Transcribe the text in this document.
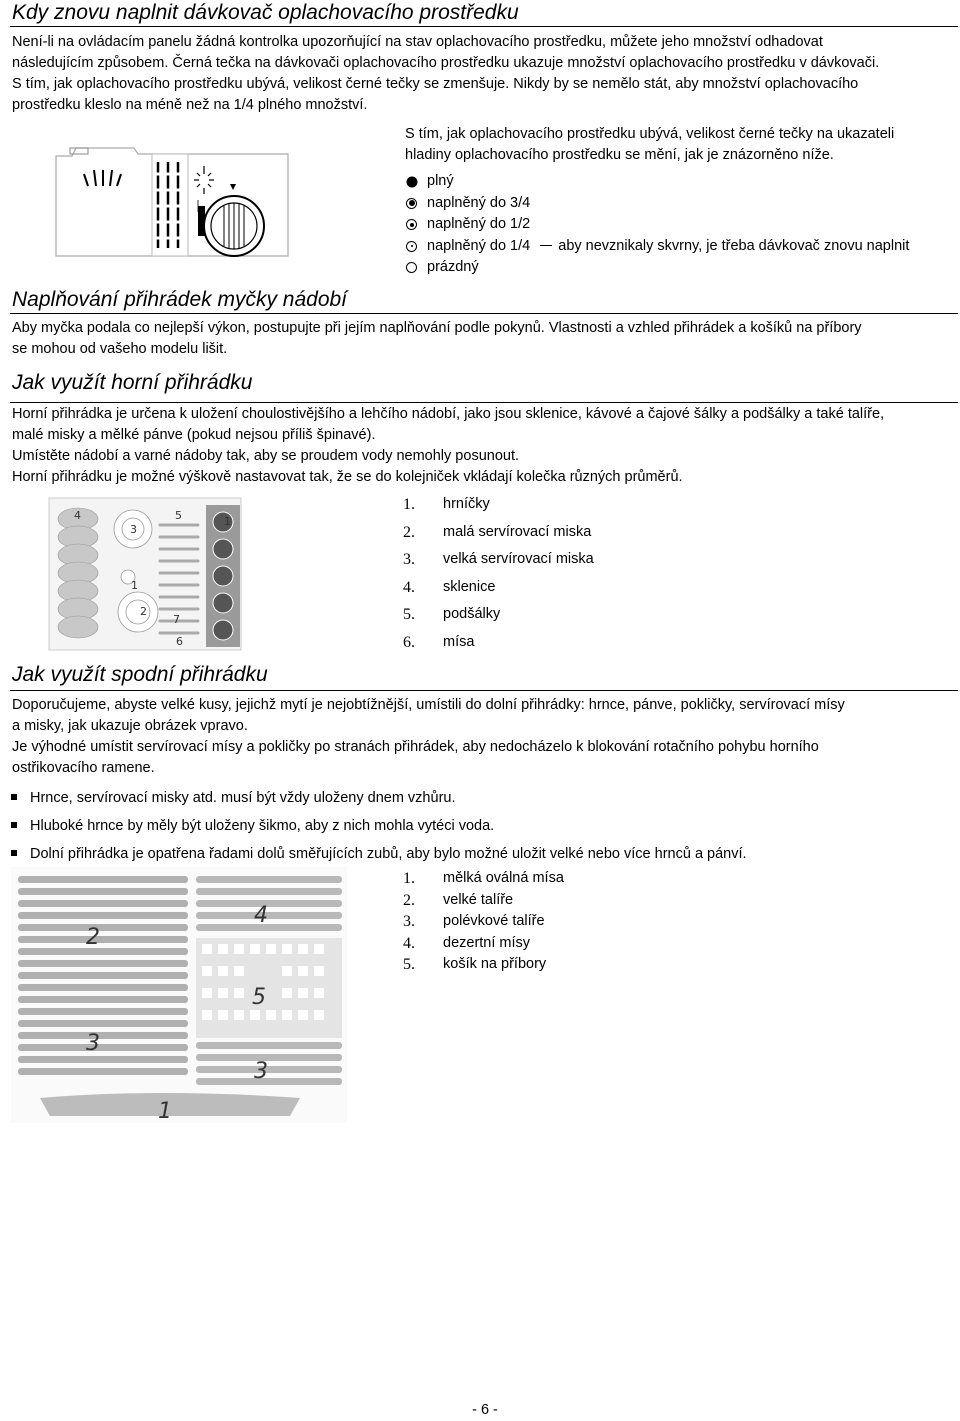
Kdy znovu naplnit dávkovač oplachovacího prostředku

Není-li na ovládacím panelu žádná kontrolka upozorňující na stav oplachovacího prostředku, můžete jeho množství odhadovat

následujícím způsobem. Černá tečka na dávkovači oplachovacího prostředku ukazuje množství oplachovacího prostředku v dávkovači.

S tím, jak oplachovacího prostředku ubývá, velikost černé tečky se zmenšuje. Nikdy by se nemělo stát, aby množství oplachovacího

prostředku kleslo na méně než na 1/4 plného množství.

S tím, jak oplachovacího prostředku ubývá, velikost černé tečky na ukazateli

hladiny oplachovacího prostředku se mění, jak je znázorněno níže.

plný
naplněný do 3/4
naplněný do 1/2
naplněný do 1/4 aby nevznikaly skvrny, je třeba dávkovač znovu naplnit
prázdný
Naplňování přihrádek myčky nádobí

Aby myčka podala co nejlepší výkon, postupujte při jejím naplňování podle pokynů. Vlastnosti a vzhled přihrádek a košíků na příbory

se mohou od vašeho modelu lišit.

Jak využít horní přihrádku

Horní přihrádka je určena k uložení choulostivějšího a lehčího nádobí, jako jsou sklenice, kávové a čajové šálky a podšálky a také talíře,

malé misky a mělké pánve (pokud nejsou příliš špinavé).

Umístěte nádobí a varné nádoby tak, aby se proudem vody nemohly posunout.

Horní přihrádku je možné výškově nastavovat tak, že se do kolejniček vkládají kolečka různých průměrů.

4
3
5	1
1
2
7
6
1. hrníčky
2. malá servírovací miska
3. velká servírovací miska
4. sklenice
5. podšálky
6. mísa
Jak využít spodní přihrádku

Doporučujeme, abyste velké kusy, jejichž mytí je nejobtížnější, umístili do dolní přihrádky: hrnce, pánve, pokličky, servírovací mísy

a misky, jak ukazuje obrázek vpravo.

Je výhodné umístit servírovací mísy a pokličky po stranách přihrádek, aby nedocházelo k blokování rotačního pohybu horního

ostřikovacího ramene.

Hrnce, servírovací misky atd. musí být vždy uloženy dnem vzhůru.
Hluboké hrnce by měly být uloženy šikmo, aby z nich mohla vytéci voda.
Dolní přihrádka je opatřena řadami dolů směřujících zubů, aby bylo možné uložit velké nebo více hrnců a pánví.
4
2
5
3
3
1
1. mělká oválná mísa
2. velké talíře
3. polévkové talíře
4. dezertní mísy
5. košík na příbory
- 6 -
